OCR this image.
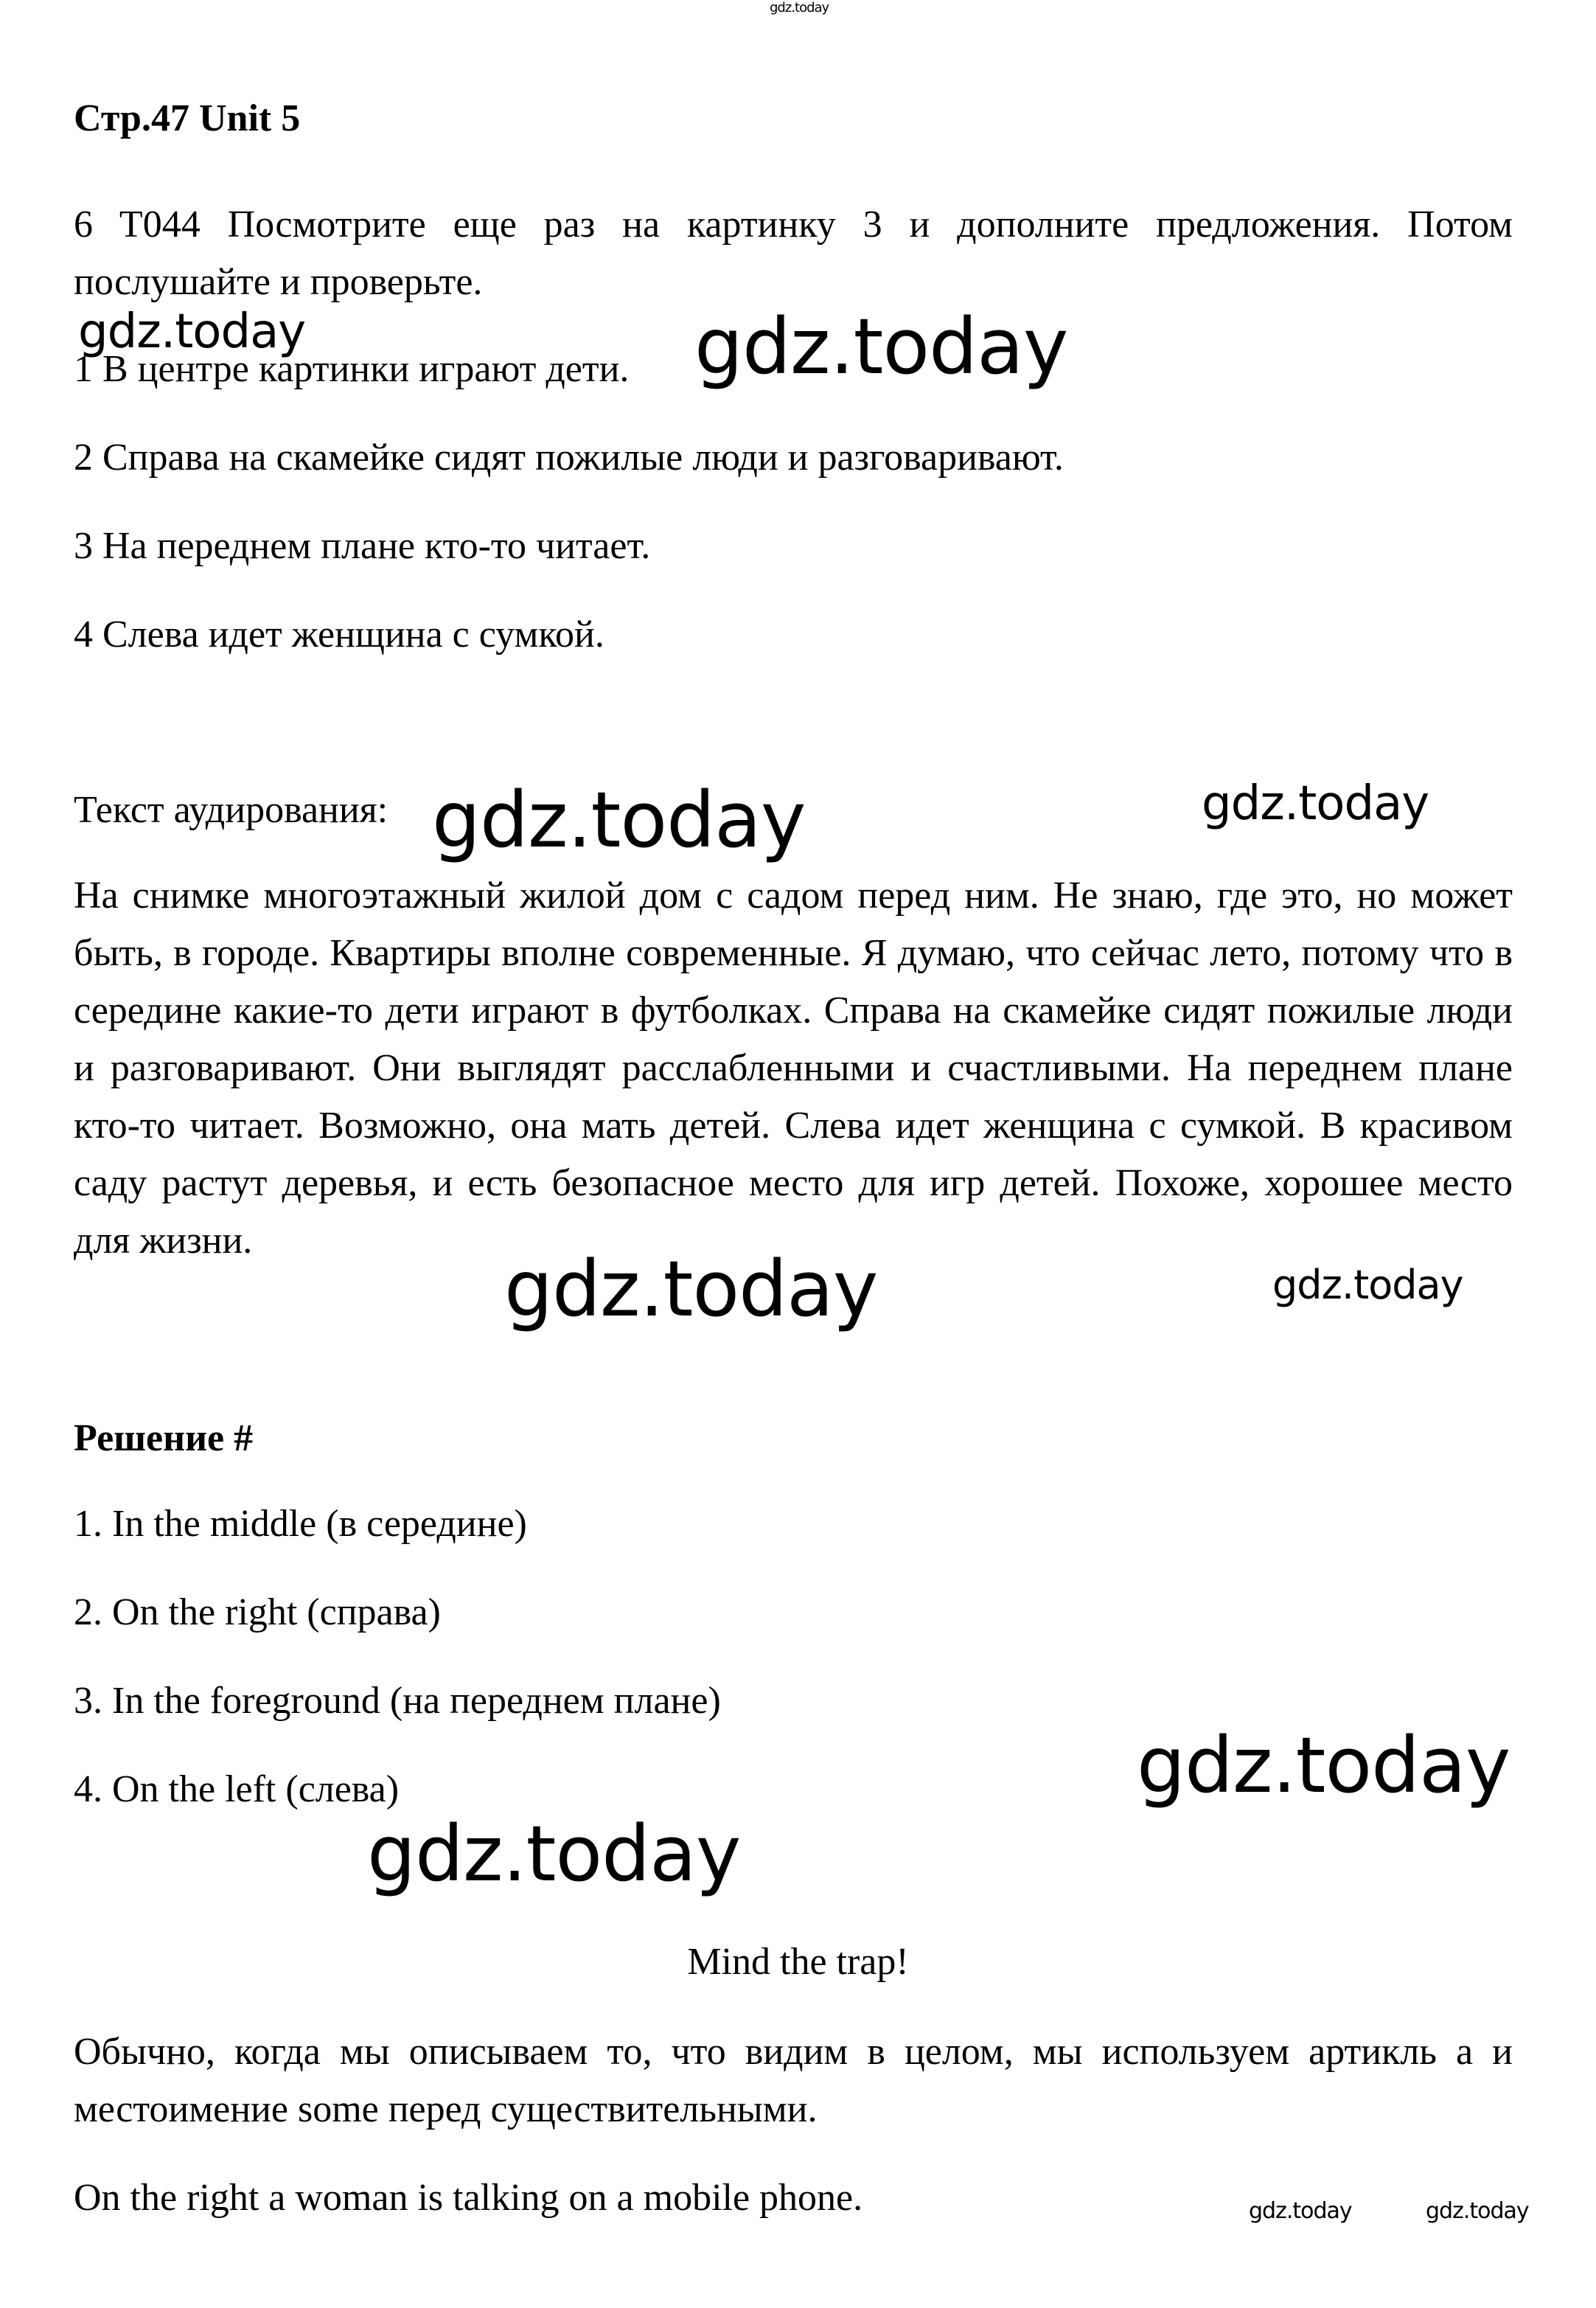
gdz.today
Стр.47 Unit 5

6 T044 Посмотрите еще раз на картинку 3 и дополните предложения. Потом послушайте и проверьте.

gdz.today
1 В центре картинки играют дети. gdz.today
2 Справа на скамейке сидят пожилые люди и разговаривают.
3 На переднем плане кто-то читает.
4 Слева идет женщина с сумкой.
Текст аудирования: gdz.today	gdz.today

На снимке многоэтажный жилой дом с садом перед ним. Не знаю, где это, но может быть, в городе. Квартиры вполне современные. Я думаю, что сейчас лето, потому что в середине какие-то дети играют в футболках. Справа на скамейке сидят пожилые люди и разговаривают. Они выглядят расслабленными и счастливыми. На переднем плане кто-то читает. Возможно, она мать детей. Слева идет женщина с сумкой. В красивом саду растут деревья, и есть безопасное место для игр детей. Похоже, хорошее место для жизни.

gdz.today	gdz.today
Решение #
1. In the middle (в середине)
2. On the right (справа)
3. In the foreground (на переднем плане)
4. On the left (слева)	gdz.today
gdz.today
Mind the trap!

Обычно, когда мы описываем то, что видим в целом, мы используем артикль a и местоимение some перед существительными.

On the right a woman is talking on a mobile phone.	gdz.today	gdz.today
